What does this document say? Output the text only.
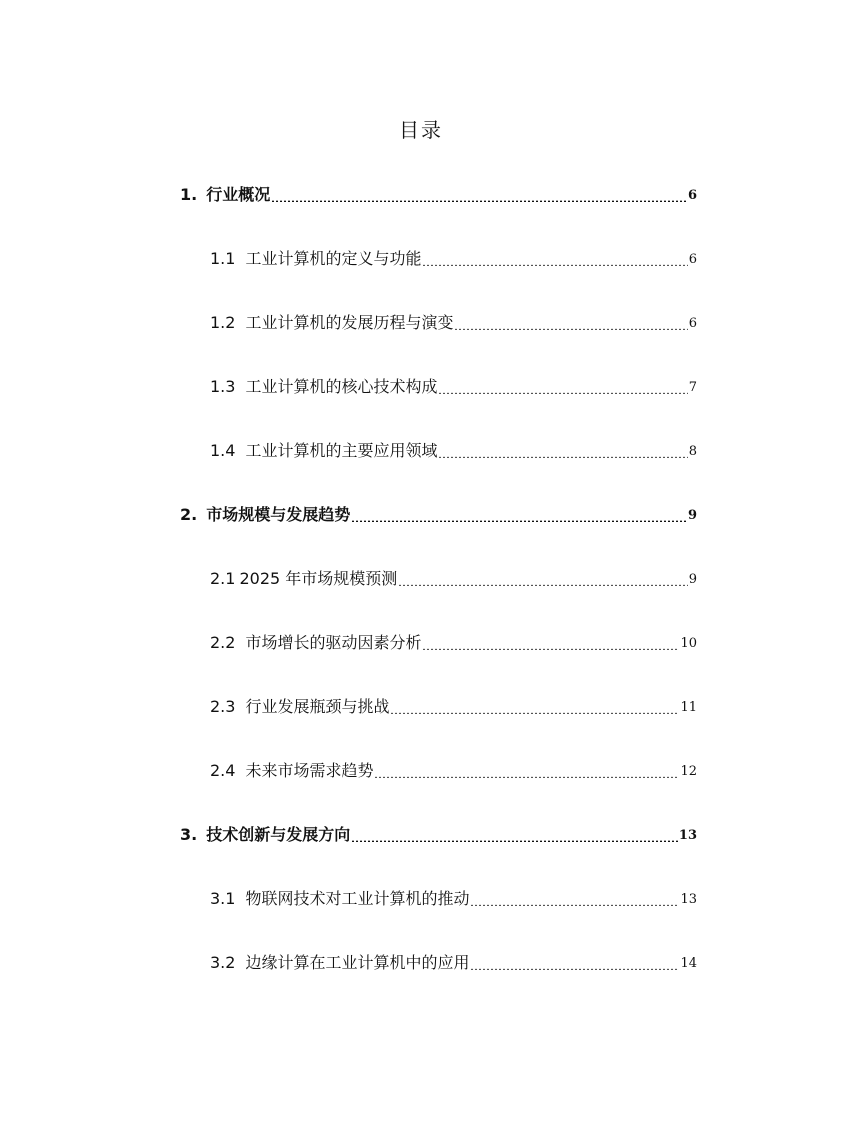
目录
1. 行业概况	6
1.1 工业计算机的定义与功能	6
1.2 工业计算机的发展历程与演变	6
1.3 工业计算机的核心技术构成	7
1.4 工业计算机的主要应用领域	8
2. 市场规模与发展趋势	9
2.1 2025 年市场规模预测	9
2.2 市场增长的驱动因素分析	10
2.3 行业发展瓶颈与挑战	11
2.4 未来市场需求趋势	12
3. 技术创新与发展方向	13
3.1 物联网技术对工业计算机的推动	13
3.2 边缘计算在工业计算机中的应用	14
